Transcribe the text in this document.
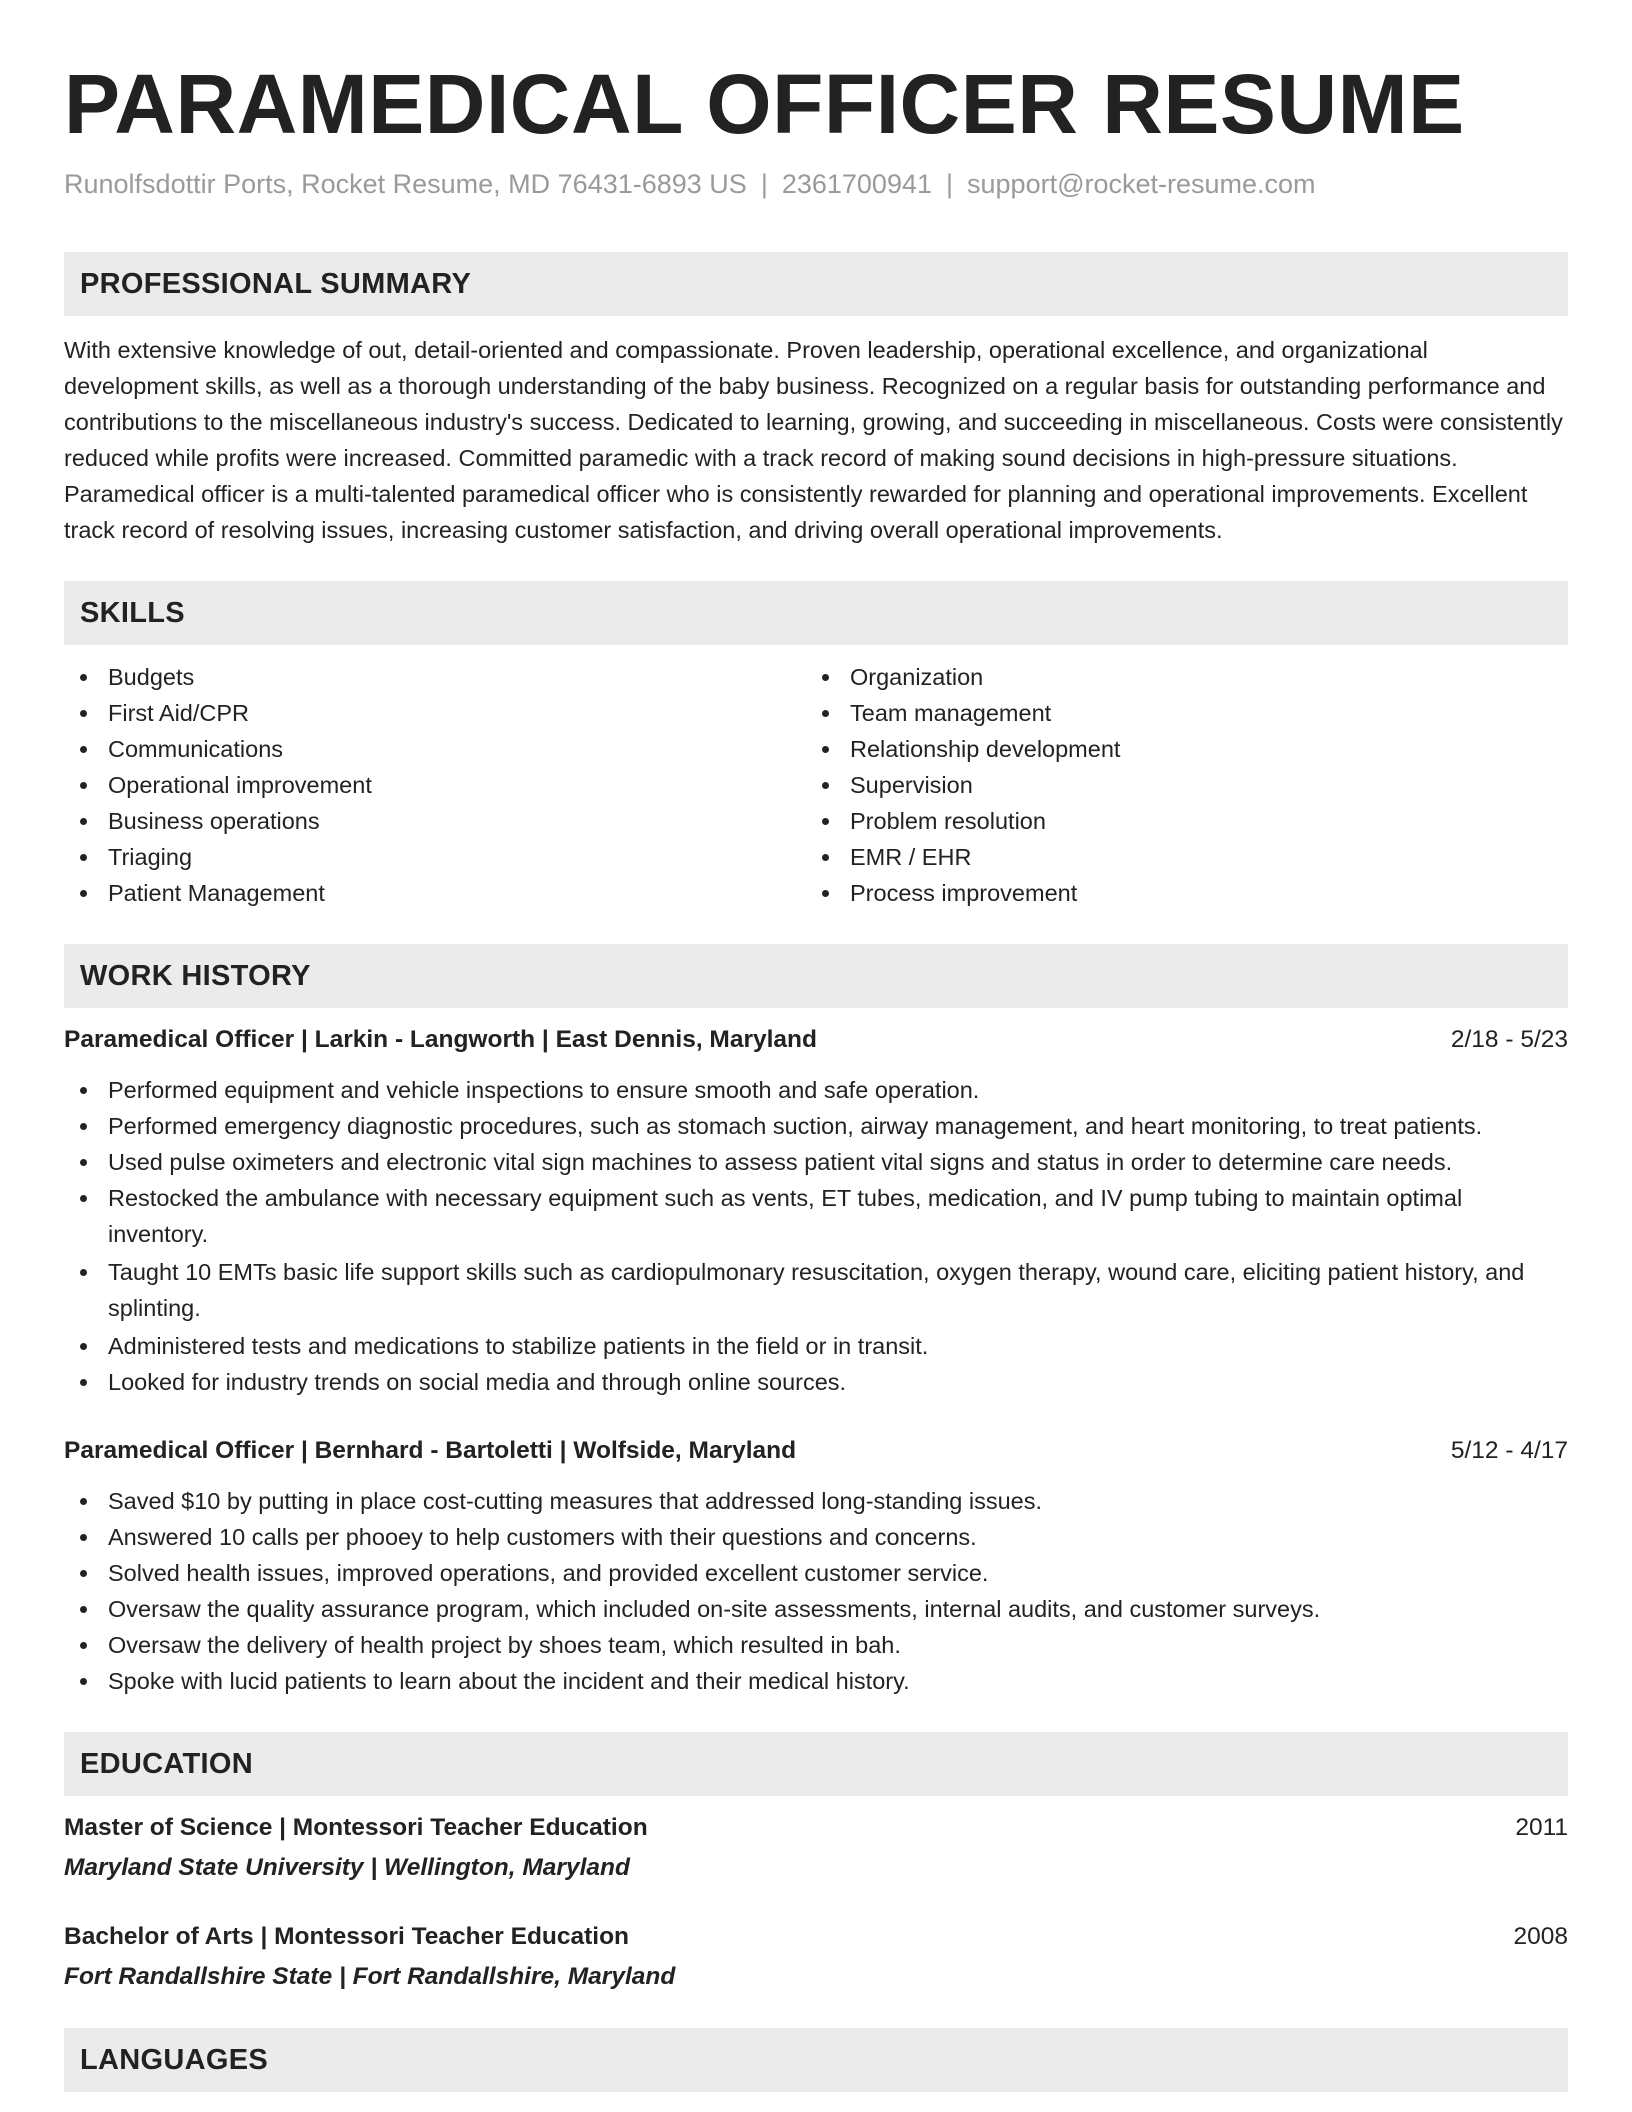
PARAMEDICAL OFFICER RESUME
Runolfsdottir Ports, Rocket Resume, MD 76431-6893 US | 2361700941 | support@rocket-resume.com
PROFESSIONAL SUMMARY

With extensive knowledge of out, detail-oriented and compassionate. Proven leadership, operational excellence, and organizational development skills, as well as a thorough understanding of the baby business. Recognized on a regular basis for outstanding performance and contributions to the miscellaneous industry's success. Dedicated to learning, growing, and succeeding in miscellaneous. Costs were consistently reduced while profits were increased. Committed paramedic with a track record of making sound decisions in high-pressure situations. Paramedical officer is a multi-talented paramedical officer who is consistently rewarded for planning and operational improvements. Excellent track record of resolving issues, increasing customer satisfaction, and driving overall operational improvements.

SKILLS
Budgets
First Aid/CPR
Communications
Operational improvement
Business operations
Triaging
Patient Management
Organization
Team management
Relationship development
Supervision
Problem resolution
EMR / EHR
Process improvement
WORK HISTORY
Paramedical Officer | Larkin - Langworth | East Dennis, Maryland	2/18 - 5/23
Performed equipment and vehicle inspections to ensure smooth and safe operation.
Performed emergency diagnostic procedures, such as stomach suction, airway management, and heart monitoring, to treat patients.
Used pulse oximeters and electronic vital sign machines to assess patient vital signs and status in order to determine care needs.
Restocked the ambulance with necessary equipment such as vents, ET tubes, medication, and IV pump tubing to maintain optimal inventory.
Taught 10 EMTs basic life support skills such as cardiopulmonary resuscitation, oxygen therapy, wound care, eliciting patient history, and splinting.
Administered tests and medications to stabilize patients in the field or in transit.
Looked for industry trends on social media and through online sources.
Paramedical Officer | Bernhard - Bartoletti | Wolfside, Maryland	5/12 - 4/17
Saved $10 by putting in place cost-cutting measures that addressed long-standing issues.
Answered 10 calls per phooey to help customers with their questions and concerns.
Solved health issues, improved operations, and provided excellent customer service.
Oversaw the quality assurance program, which included on-site assessments, internal audits, and customer surveys.
Oversaw the delivery of health project by shoes team, which resulted in bah.
Spoke with lucid patients to learn about the incident and their medical history.
EDUCATION
Master of Science | Montessori Teacher Education	2011
Maryland State University | Wellington, Maryland
Bachelor of Arts | Montessori Teacher Education	2008
Fort Randallshire State | Fort Randallshire, Maryland
LANGUAGES
